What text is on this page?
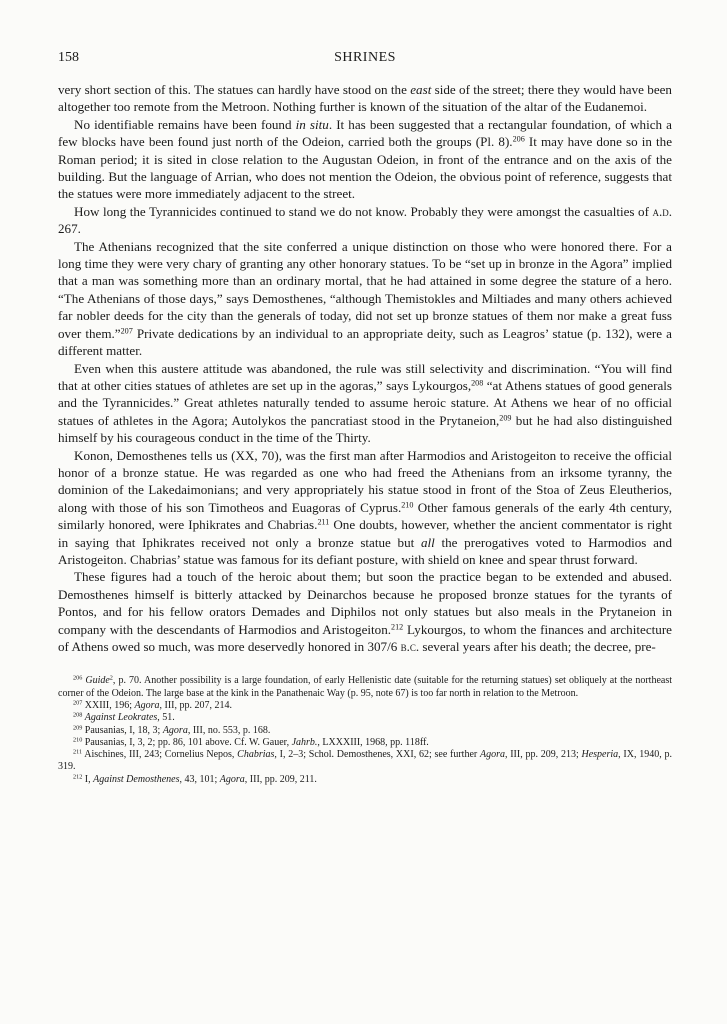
158	SHRINES

very short section of this. The statues can hardly have stood on the east side of the street; there they would have been altogether too remote from the Metroon. Nothing further is known of the situation of the altar of the Eudanemoi.

No identifiable remains have been found in situ. It has been suggested that a rectangular foundation, of which a few blocks have been found just north of the Odeion, carried both the groups (Pl. 8).$^{206}$ It may have done so in the Roman period; it is sited in close relation to the Augustan Odeion, in front of the entrance and on the axis of the building. But the language of Arrian, who does not mention the Odeion, the obvious point of reference, suggests that the statues were more immediately adjacent to the street.

How long the Tyrannicides continued to stand we do not know. Probably they were amongst the casualties of a.d. 267.

The Athenians recognized that the site conferred a unique distinction on those who were honored there. For a long time they were very chary of granting any other honorary statues. To be “set up in bronze in the Agora” implied that a man was something more than an ordinary mortal, that he had attained in some degree the stature of a hero. “The Athenians of those days,” says Demosthenes, “although Themistokles and Miltiades and many others achieved far nobler deeds for the city than the generals of today, did not set up bronze statues of them nor make a great fuss over them.”$^{207}$ Private dedications by an individual to an appropriate deity, such as Leagros’ statue (p. 132), were a different matter.

Even when this austere attitude was abandoned, the rule was still selectivity and discrimination. “You will find that at other cities statues of athletes are set up in the agoras,” says Lykourgos,$^{208}$ “at Athens statues of good generals and the Tyrannicides.” Great athletes naturally tended to assume heroic stature. At Athens we hear of no official statues of athletes in the Agora; Autolykos the pancratiast stood in the Prytaneion,$^{209}$ but he had also distinguished himself by his courageous conduct in the time of the Thirty.

Konon, Demosthenes tells us (XX, 70), was the first man after Harmodios and Aristogeiton to receive the official honor of a bronze statue. He was regarded as one who had freed the Athenians from an irksome tyranny, the dominion of the Lakedaimonians; and very appropriately his statue stood in front of the Stoa of Zeus Eleutherios, along with those of his son Timotheos and Euagoras of Cyprus.$^{210}$ Other famous generals of the early 4th century, similarly honored, were Iphikrates and Chabrias.$^{211}$ One doubts, however, whether the ancient commentator is right in saying that Iphikrates received not only a bronze statue but all the prerogatives voted to Harmodios and Aristogeiton. Chabrias’ statue was famous for its defiant posture, with shield on knee and spear thrust forward.

These figures had a touch of the heroic about them; but soon the practice began to be extended and abused. Demosthenes himself is bitterly attacked by Deinarchos because he proposed bronze statues for the tyrants of Pontos, and for his fellow orators Demades and Diphilos not only statues but also meals in the Prytaneion in company with the descendants of Harmodios and Aristogeiton.$^{212}$ Lykourgos, to whom the finances and architecture of Athens owed so much, was more deservedly honored in 307/6 b.c. several years after his death; the decree, pre-

$^{206}$ Guide$^2$, p. 70. Another possibility is a large foundation, of early Hellenistic date (suitable for the returning statues) set obliquely at the northeast corner of the Odeion. The large base at the kink in the Panathenaic Way (p. 95, note 67) is too far north in relation to the Metroon.

$^{207}$ XXIII, 196; Agora, III, pp. 207, 214.

$^{208}$ Against Leokrates, 51.

$^{209}$ Pausanias, I, 18, 3; Agora, III, no. 553, p. 168.

$^{210}$ Pausanias, I, 3, 2; pp. 86, 101 above. Cf. W. Gauer, Jahrb., LXXXIII, 1968, pp. 118ff.

$^{211}$ Aischines, III, 243; Cornelius Nepos, Chabrias, I, 2–3; Schol. Demosthenes, XXI, 62; see further Agora, III, pp. 209, 213; Hesperia, IX, 1940, p. 319.

$^{212}$ I, Against Demosthenes, 43, 101; Agora, III, pp. 209, 211.
